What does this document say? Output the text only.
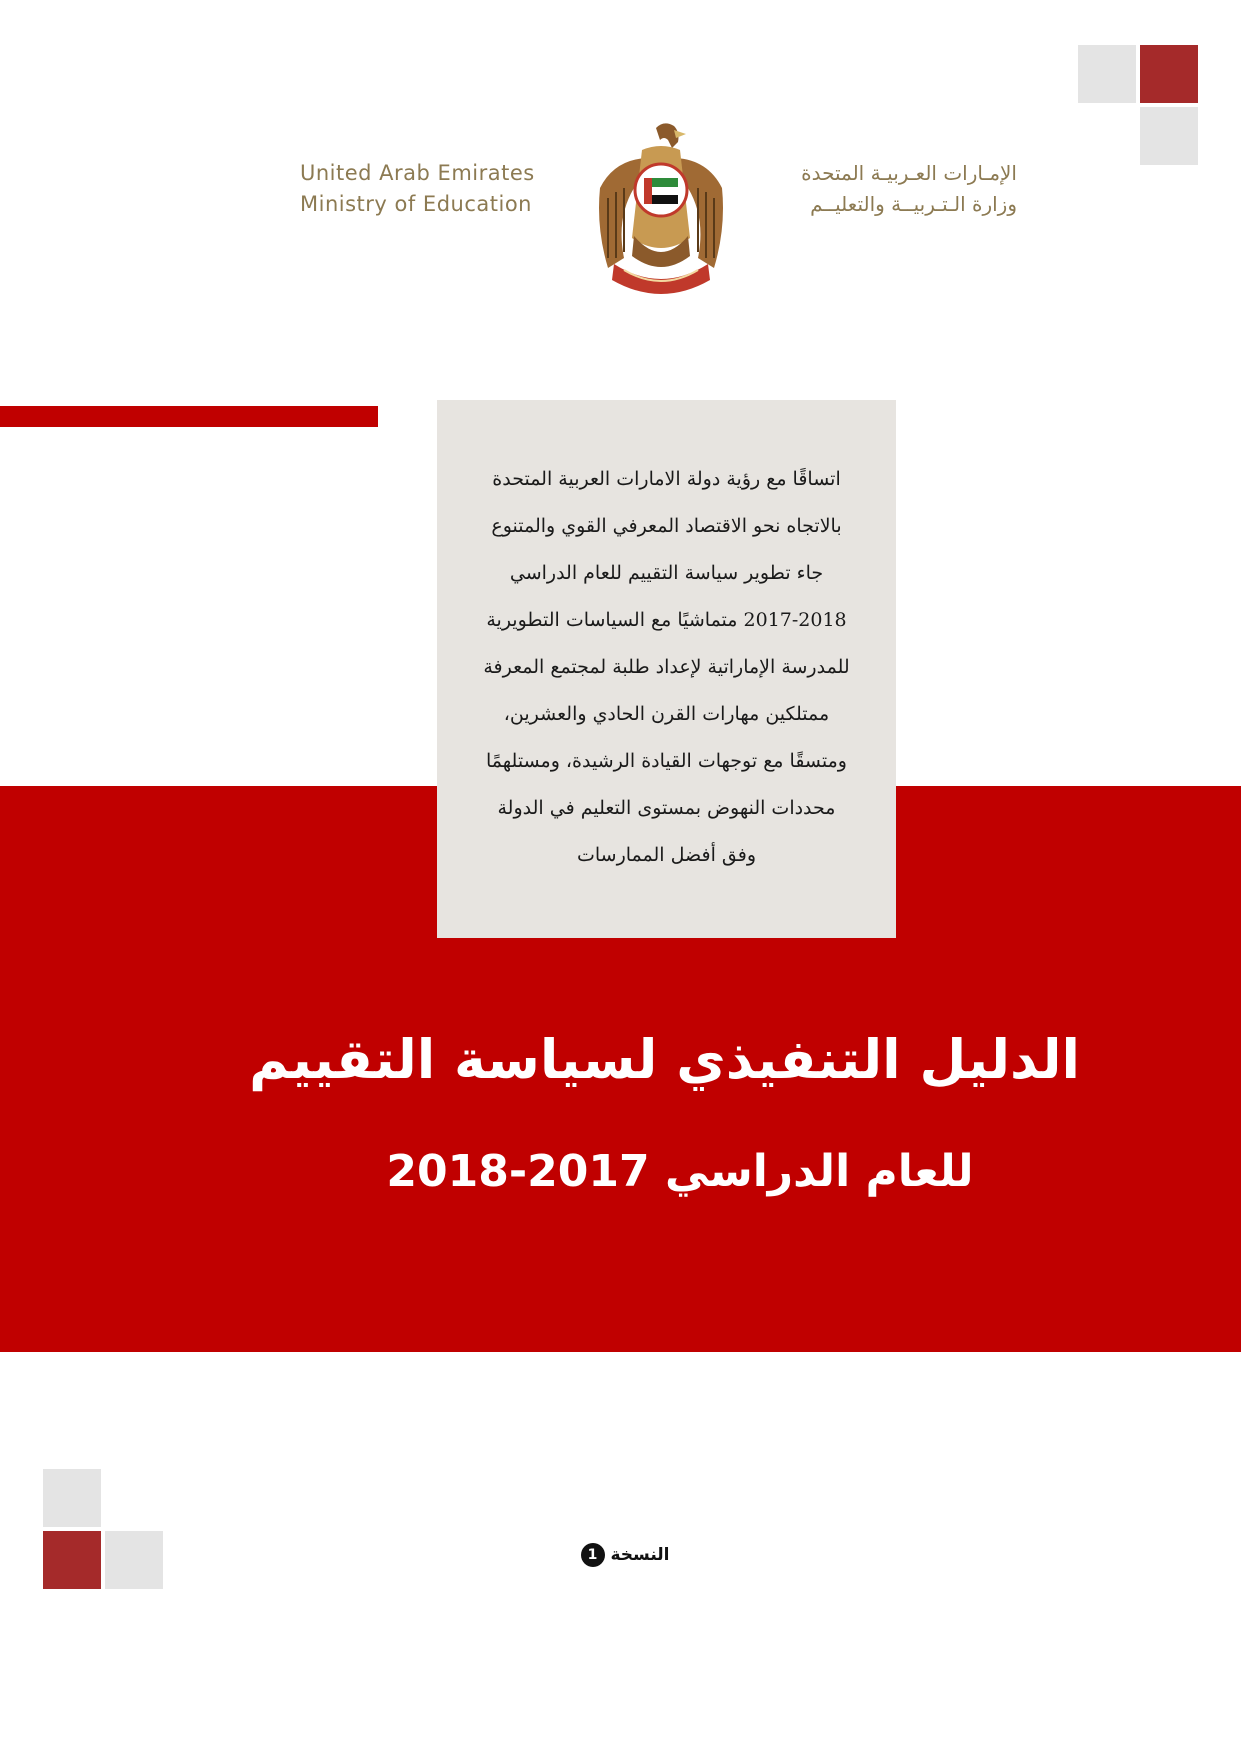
United Arab Emirates
Ministry of Education
الإمـارات العـربيـة المتحدة
وزارة الـتـربيــة والتعليــم
اتساقًا مع رؤية دولة الامارات العربية المتحدة
بالاتجاه نحو الاقتصاد المعرفي القوي والمتنوع
جاء تطوير سياسة التقييم للعام الدراسي
2017-2018 متماشيًا مع السياسات التطويرية
للمدرسة الإماراتية لإعداد طلبة لمجتمع المعرفة
ممتلكين مهارات القرن الحادي والعشرين،
ومتسقًا مع توجهات القيادة الرشيدة، ومستلهمًا
محددات النهوض بمستوى التعليم في الدولة
وفق أفضل الممارسات
الدليل التنفيذي لسياسة التقييم
للعام الدراسي 2017-2018
النسخة
1
